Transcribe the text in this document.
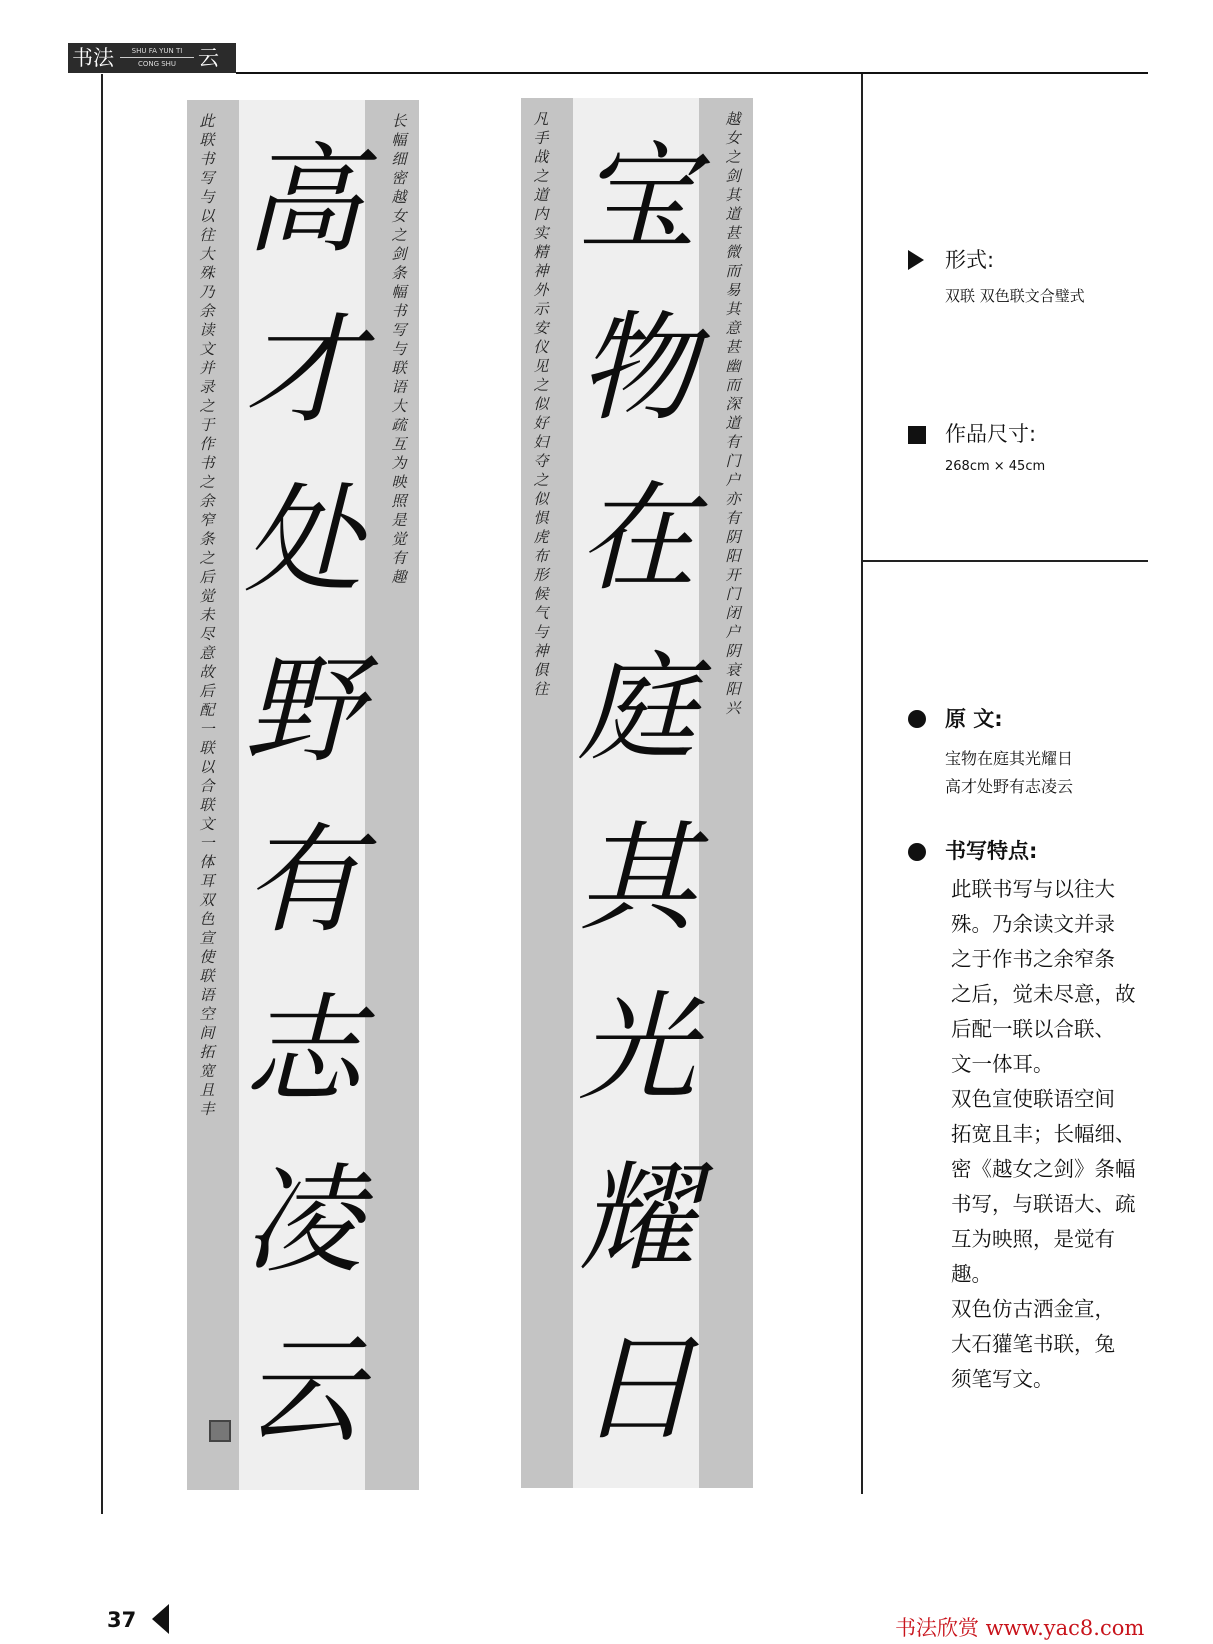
书法	SHU FA YUN TI
CONG SHU	云梯
此联书写与以往大殊乃余读文并录之于作书之余窄条之后觉未尽意故后配一联以合联文一体耳双色宣使联语空间拓宽且丰
长幅细密越女之剑条幅书写与联语大疏互为映照是觉有趣
高
才
处
野
有
志
凌
云
凡手战之道内实精神外示安仪见之似好妇夺之似惧虎布形候气与神俱往
越女之剑其道甚微而易其意甚幽而深道有门户亦有阴阳开门闭户阴衰阳兴
宝
物
在
庭
其
光
耀
日
形式:
双联 双色联文合璧式
作品尺寸:
268cm × 45cm
原 文:
宝物在庭其光耀日
高才处野有志凌云
书写特点:
此联书写与以往大
殊。乃余读文并录
之于作书之余窄条
之后，觉未尽意，故
后配一联以合联、
文一体耳。
双色宣使联语空间
拓宽且丰；长幅细、
密《越女之剑》条幅
书写，与联语大、疏
互为映照，是觉有
趣。
双色仿古洒金宣，
大石獾笔书联，兔
须笔写文。
37	书法欣赏 www.yac8.com
